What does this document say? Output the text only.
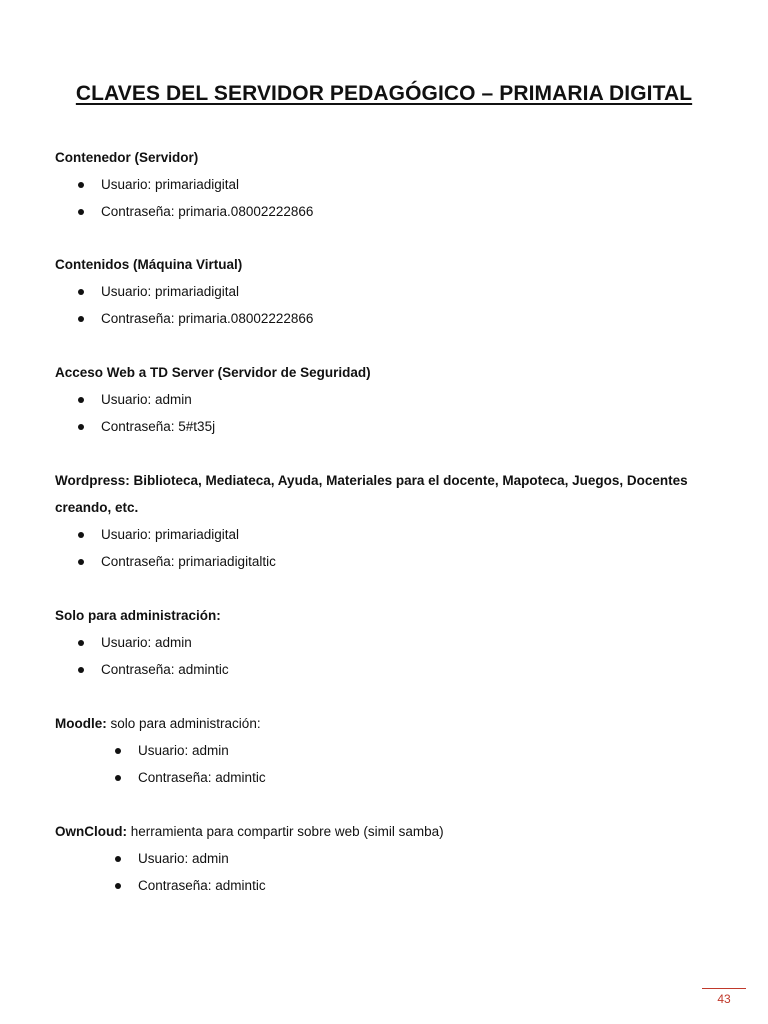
CLAVES DEL SERVIDOR PEDAGÓGICO – PRIMARIA DIGITAL
Contenedor (Servidor)
Usuario: primariadigital
Contraseña: primaria.08002222866
Contenidos (Máquina Virtual)
Usuario: primariadigital
Contraseña: primaria.08002222866
Acceso Web a TD Server (Servidor de Seguridad)
Usuario: admin
Contraseña: 5#t35j
Wordpress: Biblioteca, Mediateca, Ayuda, Materiales para el docente, Mapoteca, Juegos, Docentes creando, etc.
Usuario: primariadigital
Contraseña: primariadigitaltic
Solo para administración:
Usuario: admin
Contraseña: admintic
Moodle: solo para administración:
Usuario: admin
Contraseña: admintic
OwnCloud: herramienta para compartir sobre web (simil samba)
Usuario: admin
Contraseña: admintic
43
